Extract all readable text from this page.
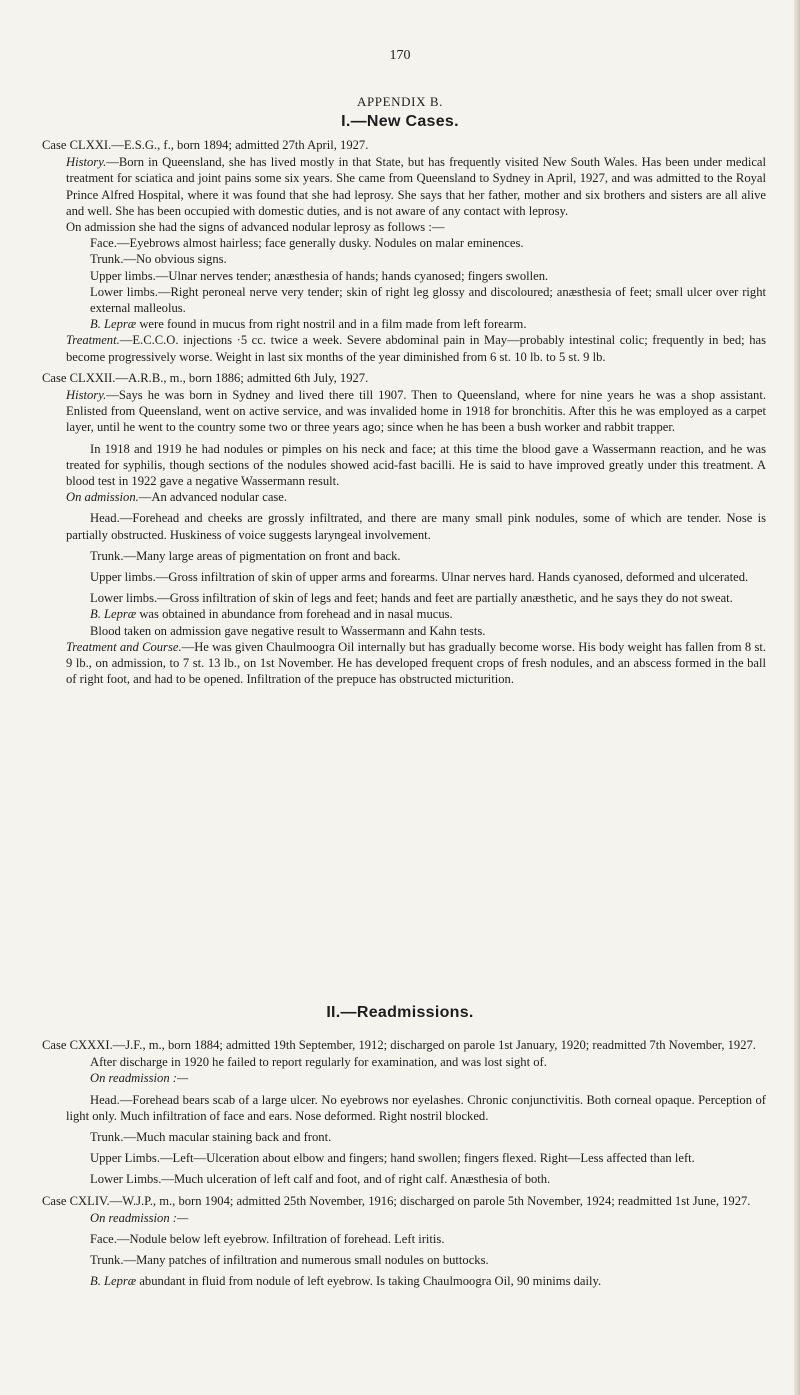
170
APPENDIX B.
I.—New Cases.

Case CLXXI.—E.S.G., f., born 1894; admitted 27th April, 1927.

History.—Born in Queensland, she has lived mostly in that State, but has frequently visited New South Wales. Has been under medical treatment for sciatica and joint pains some six years. She came from Queensland to Sydney in April, 1927, and was admitted to the Royal Prince Alfred Hospital, where it was found that she had leprosy. She says that her father, mother and six brothers and sisters are all alive and well. She has been occupied with domestic duties, and is not aware of any contact with leprosy.

On admission she had the signs of advanced nodular leprosy as follows :—

Face.—Eyebrows almost hairless; face generally dusky. Nodules on malar eminences.

Trunk.—No obvious signs.

Upper limbs.—Ulnar nerves tender; anæsthesia of hands; hands cyanosed; fingers swollen.

Lower limbs.—Right peroneal nerve very tender; skin of right leg glossy and discoloured; anæsthesia of feet; small ulcer over right external malleolus.

B. Lepræ were found in mucus from right nostril and in a film made from left forearm.

Treatment.—E.C.C.O. injections ·5 cc. twice a week. Severe abdominal pain in May—probably intestinal colic; frequently in bed; has become progressively worse. Weight in last six months of the year diminished from 6 st. 10 lb. to 5 st. 9 lb.

Case CLXXII.—A.R.B., m., born 1886; admitted 6th July, 1927.

History.—Says he was born in Sydney and lived there till 1907. Then to Queensland, where for nine years he was a shop assistant. Enlisted from Queensland, went on active service, and was invalided home in 1918 for bronchitis. After this he was employed as a carpet layer, until he went to the country some two or three years ago; since when he has been a bush worker and rabbit trapper.

In 1918 and 1919 he had nodules or pimples on his neck and face; at this time the blood gave a Wassermann reaction, and he was treated for syphilis, though sections of the nodules showed acid-fast bacilli. He is said to have improved greatly under this treatment. A blood test in 1922 gave a negative Wassermann result.

On admission.—An advanced nodular case.

Head.—Forehead and cheeks are grossly infiltrated, and there are many small pink nodules, some of which are tender. Nose is partially obstructed. Huskiness of voice suggests laryngeal involvement.

Trunk.—Many large areas of pigmentation on front and back.

Upper limbs.—Gross infiltration of skin of upper arms and forearms. Ulnar nerves hard. Hands cyanosed, deformed and ulcerated.

Lower limbs.—Gross infiltration of skin of legs and feet; hands and feet are partially anæsthetic, and he says they do not sweat.

B. Lepræ was obtained in abundance from forehead and in nasal mucus.

Blood taken on admission gave negative result to Wassermann and Kahn tests.

Treatment and Course.—He was given Chaulmoogra Oil internally but has gradually become worse. His body weight has fallen from 8 st. 9 lb., on admission, to 7 st. 13 lb., on 1st November. He has developed frequent crops of fresh nodules, and an abscess formed in the ball of right foot, and had to be opened. Infiltration of the prepuce has obstructed micturition.

II.—Readmissions.

Case CXXXI.—J.F., m., born 1884; admitted 19th September, 1912; discharged on parole 1st January, 1920; readmitted 7th November, 1927.

After discharge in 1920 he failed to report regularly for examination, and was lost sight of.

On readmission :—

Head.—Forehead bears scab of a large ulcer. No eyebrows nor eyelashes. Chronic conjunctivitis. Both corneal opaque. Perception of light only. Much infiltration of face and ears. Nose deformed. Right nostril blocked.

Trunk.—Much macular staining back and front.

Upper Limbs.—Left—Ulceration about elbow and fingers; hand swollen; fingers flexed. Right—Less affected than left.

Lower Limbs.—Much ulceration of left calf and foot, and of right calf. Anæsthesia of both.

Case CXLIV.—W.J.P., m., born 1904; admitted 25th November, 1916; discharged on parole 5th November, 1924; readmitted 1st June, 1927.

On readmission :—

Face.—Nodule below left eyebrow. Infiltration of forehead. Left iritis.

Trunk.—Many patches of infiltration and numerous small nodules on buttocks.

B. Lepræ abundant in fluid from nodule of left eyebrow. Is taking Chaulmoogra Oil, 90 minims daily.
